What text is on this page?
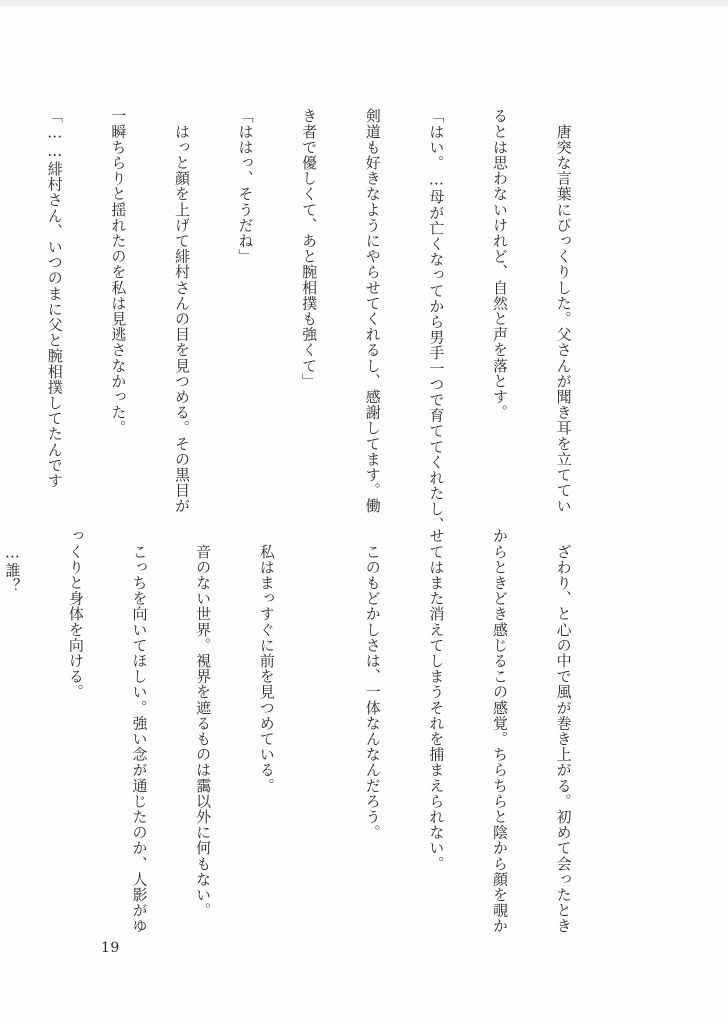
　唐突な言葉にびっくりした。父さんが聞き耳を立ててい

るとは思わないけれど、自然と声を落とす。

「はい。…母が亡くなってから男手一つで育ててくれたし、

剣道も好きなようにやらせてくれるし、感謝してます。働

き者で優しくて、あと腕相撲も強くて」

「ははっ、そうだね」

　はっと顔を上げて緋村さんの目を見つめる。その黒目が

一瞬ちらりと揺れたのを私は見逃さなかった。

「……緋村さん、いつのまに父と腕相撲してたんです

　ざわり、と心の中で風が巻き上がる。初めて会ったとき

からときどき感じるこの感覚。ちらちらと陰から顔を覗か

せてはまた消えてしまうそれを捕まえられない。

　このもどかしさは、一体なんなんだろう。

　私はまっすぐに前を見つめている。

　音のない世界。視界を遮るものは靄以外に何もない。

　こっちを向いてほしい。強い念が通じたのか、人影がゆ

っくりと身体を向ける。

　…誰？

19
